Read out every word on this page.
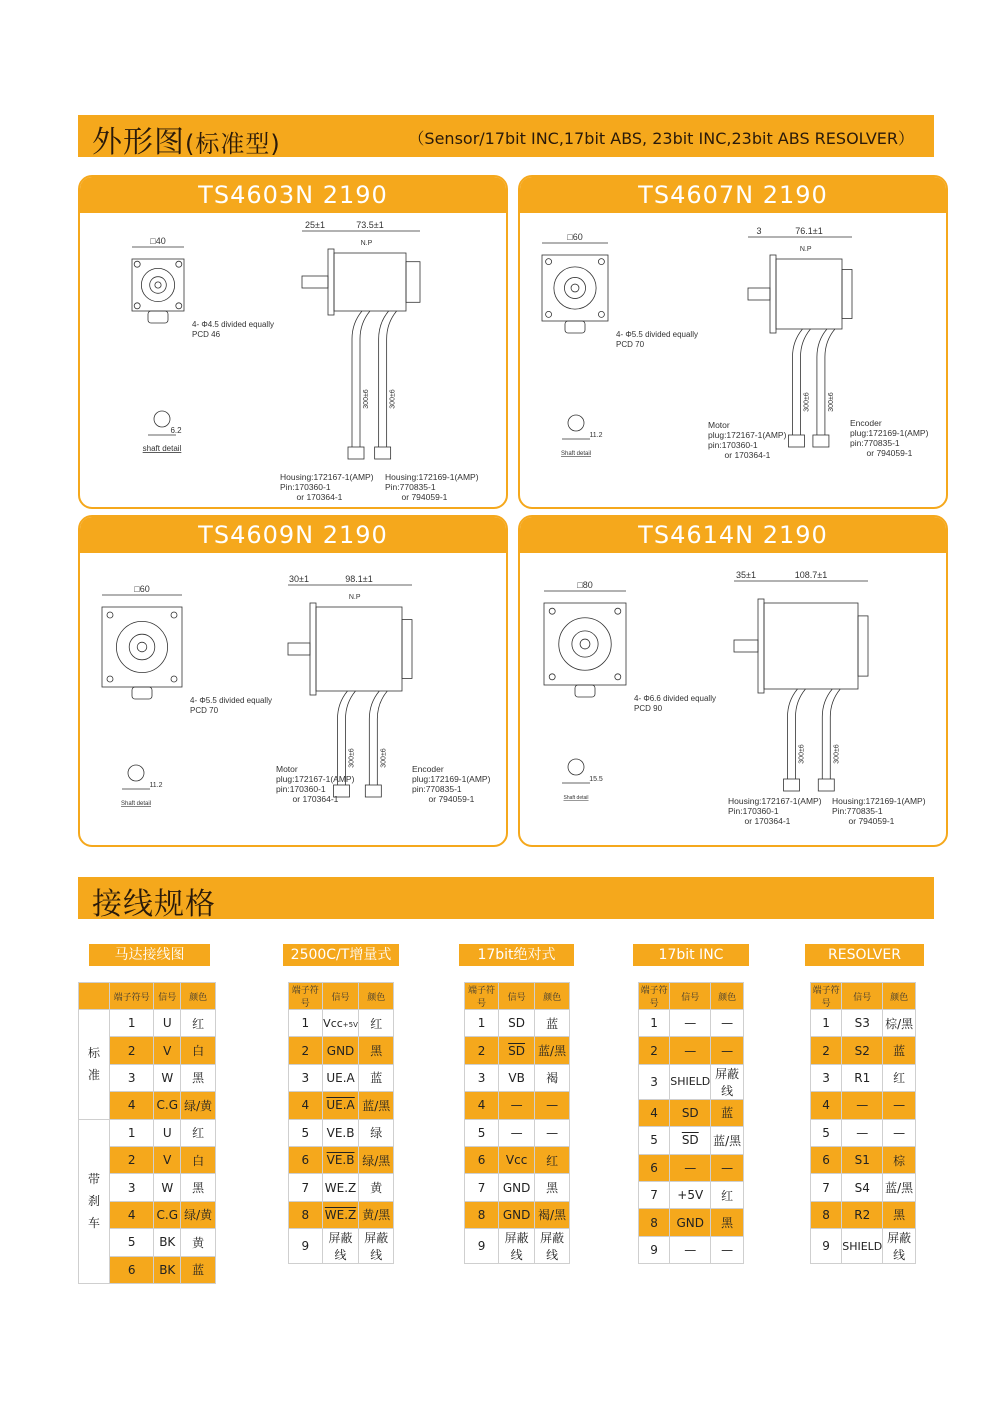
外形图(标准型)	（Sensor/17bit INC,17bit ABS, 23bit INC,23bit ABS RESOLVER）
TS4603N 2190
□40
25±1	73.5±1
N.P
300±6	300±6
6.2
shaft detail
4- Φ4.5 divided equally
PCD 46
Housing:172167-1(AMP)
Pin:170360-1
or 170364-1
Housing:172169-1(AMP)
Pin:770835-1
or 794059-1
TS4607N 2190
□60
3	76.1±1
N.P
300±6 300±6
11.2
Shaft detail
4- Φ5.5 divided equally
PCD 70
Motor
plug:172167-1(AMP)
pin:170360-1
or 170364-1
Encoder
plug:172169-1(AMP)
pin:770835-1
or 794059-1
TS4609N 2190
□60
30±1	98.1±1
N.P
300±6	300±6
11.2
Shaft detail
4- Φ5.5 divided equally
PCD 70
Motor
plug:172167-1(AMP)
pin:170360-1
or 170364-1
Encoder
plug:172169-1(AMP)
pin:770835-1
or 794059-1
TS4614N 2190
□80
35±1	108.7±1
300±6	300±6
15.5
Shaft detail
4- Φ6.6 divided equally
PCD 90
Housing:172167-1(AMP)
Pin:170360-1
or 170364-1
Housing:172169-1(AMP)
Pin:770835-1
or 794059-1
接线规格
马达接线图	2500C/T增量式	17bit绝对式	17bit INC	RESOLVER
	端子符号	信号	颜色
标
准	1	U	红
	2	V	白
	3	W	黑
	4	C.G	绿/黄
带
刹
车	1	U	红
	2	V	白
	3	W	黑
	4	C.G	绿/黄
	5	BK	黄
	6	BK	蓝
端子符号	信号	颜色
1	Vcc+5V	红
2	GND	黑
3	UE.A	蓝
4	UE.A	蓝/黑
5	VE.B	绿
6	VE.B	绿/黑
7	WE.Z	黄
8	WE.Z	黄/黑
9	屏蔽线	屏蔽线
端子符号	信号	颜色
1	SD	蓝
2	$\overline{SD}$	蓝/黑
3	VB	褐
4	—	—
5	—	—
6	Vcc	红
7	GND	黑
8	GND	褐/黑
9	屏蔽线	屏蔽线
端子符号	信号	颜色
1	—	—
2	—	—
3	SHIELD	屏蔽线
4	SD	蓝
5	$\overline{SD}$	蓝/黑
6	—	—
7	+5V	红
8	GND	黑
9	—	—
端子符号	信号	颜色
1	S3	棕/黑
2	S2	蓝
3	R1	红
4	—	—
5	—	—
6	S1	棕
7	S4	蓝/黑
8	R2	黑
9	SHIELD	屏蔽线
